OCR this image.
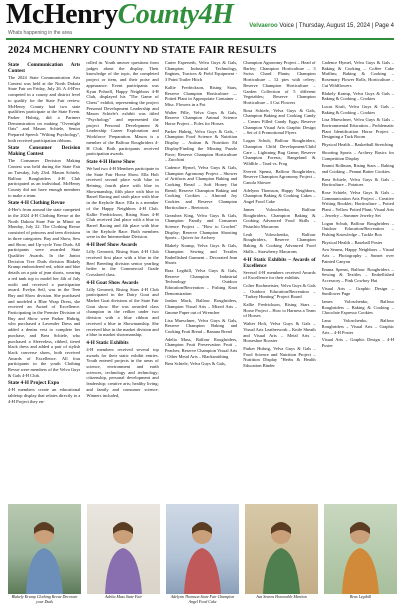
McHenryCounty4H
Whats happening in the area
Velvaeroo Voice | Thursday, August 15, 2024 | Page 4
2024 MCHENRY COUNTY ND STATE FAIR RESULTS
State Communication Arts Contest

The 2024 State Communication Arts Contest was held at the North Dakota State Fair on Friday, July 26. A 4-H'ers competed in a county and district level to qualify for the State Fair review. McHenry County had two state qualifiers participate at the State Event. Parker Hubrig, did a Partners Demonstration on making "Overnight Oats" and Mason Schiele, Senior Prepared Speech "Wilting Psychology", both received participation ribbons.

State Consumer Decision Making Contest

The Consumer Decision Making Contest was held during the State Fair on Tuesday, July 23rd. Mason Schiele, Balfour Roughriders 4-H Club participated as an individual. McHenry County did not have enough members to make a team.

State 4-H Clothing Revue

4-Her's from around the state competed in the 2024 4-H Clothing Revue at the North Dakota State Fair in Minot on Monday, July 22. The Clothing Revue consisted of princess and teen divisions in three categories: Buy and Show, Sew and Show, and Up-cycle Your Duds. All participants were awarded State Qualifier Awards. In the Junior Decision Tree Duds division Blakely Kramp embroidered red, white and blue details on a pair of jean shorts, wearing a red tank top to model her 4th of July outfit and received a participation award. Evelyn Seil, was in the Teen Buy and Show division. She purchased and modeled a Blue Wrap Dress, she received an Award of Excellence. Participating in the Premier Division of Buy and Show were Parker Hubrig, who purchased a Lavender Dress and added a denim vest to complete her purchase, and Brea Schiele, who purchased a Sleeveless, ribbed, tiered black dress and added a pair of stylish black converse shoes, both received Awards of Excellence. All four participants in the youth Clothing Revue were members of the Velva Guys & Gals 4-H Club.

State 4-H Project Expo

4-H members create an educational tabletop display that relates directly to a 4-H Project they en-

rolled in. Youth answer questions from judges about the display. Their knowledge of the topic, the completed project or item, and their poise and appearance. Event participants was Kyan Pohsell, Happy Neighbors 4-H Club, displayed his "The Game of Chess" exhibit, representing the project Personal Development Leadership and Mason Schiele's exhibit was titled "Psychology" and represented the project Personal Development & Leadership Career Exploration and Workforce Preparation. Mason is a member of the Balfour Roughriders 4-H Club. Both participants received participation awards.

State 4-H Horse Show

We had two 4-H Members participate in the State Fair Horse Show. Ella Holt received second place with blue in Reining, fourth place with blue in Showmanship, fifth place with blue in Barrel Racing and sixth place with blue in the Keyhole Race. Ella is a member of the Happy Neighbors 4-H Club. Kallie Fredrickson, Rising Stars 4-H Club received 2nd place with a blue in Barrel Racing and 4th place with blue in the Keyhole Race. Both members were in the Intermediate Division.

4-H Beef Show Awards

Lilly Geroneit, Rising Stars 4-H Club received first place with a blue in the Beef Breeding division senior yearling heifer in the Commercial Grade Crossbred class.

4-H Goat Show Awards

Lilly Geroneit, Rising Stars 4-H Club participated in the Dairy Goat and Market Goat divisions of the State Fair Goat show. She was awarded class champion in the reilker under two division with a blue ribbon and received a blue in Showmanship. She received blue in the market division and a blue in market showmanship.

4-H Static Exhibits

4-H members received several top awards for their static exhibit entries. Youth entered projects in the areas of science, environment and earth sciences, technology and technology; citizenship, personal development and leadership; creative arts; healthy living; and family and consumer science. Winners included,

Carter Esperseth, Velva Guys & Gals, Champion Industrial Technology, Engines, Tractors & Field Equipment - 3 Point Trailer Hitch

Kallie Fredrickson, Rising Stars, Reserve Champion Horticulture — Potted Plant in Appropriate Container – Misc. Flowers in a Pot

Walter Pille, Velva Guys & Gals, Reserve Champion Animal Science Horse Project – Poles for Horses

Parker Hubrig, Velva Guys & Gals, - Champion Food Science & Nutrition Display – Autism & Nutrition Ed Display/Finding the Missing Puzzle Piece; Reserve Champion Horticulture – Zucchini

Cadence Hymel, Velva Guys & Gals, Champion Agronomy Project – Shower of Artifacts and Champion Baking and Cooking Bread – Soft Honey Oat Bread; Reserve Champion Baking and Cooking Cookies – Almond Joy Cookies and Reserve Champion Horticulture – Beetroots

Greashea King, Velva Guys & Gals, Champion Family and Consumer Science Project – "How to Crochet" Display; Reserve Champion Shooting Sports – Quiver for Archery

Blakely Kramp, Velva Guys & Gals, Champion Sewing and Textiles Embellished Garment – Decorated Jean Shorts

Brax Legibill, Velva Guys & Gals, Reserve Champion Industrial Technology Outdoor Education/Recreation – Fishing Knot Demonstration

Jordan Mack, Balfour Roughriders, Champion Visual Arts – Mixed Arts – Gnome Paper out of Wrencher

Lisa Mueschner, Velva Guys & Gals, Reserve Champion Baking and Cooking Fruit Bread – Banana Bread

Adelia Mass, Balfour Roughriders, Champion Fruit Preservation Fruit – Peaches; Reserve Champion Visual Arts / Other Metal Arts – Blacksmithing

Brea Schiele, Velva Guys & Gals,

Champion Agronomy Project – Head of Barley; Champion Horticulture – 3 Swiss Chard Plants; Champion Horticulture – 12 pies with celery; Reserve Champion Horticulture – Garden Collection of 5 different Vegetables; Reserve Champion Horticulture – 3 Cut Flowers

Rosa Schiele, Velva Guys & Gals, Champion Baking and Cooking Candy – Cream Filled Candy Eggs; Reserve Champion Visual Arts Graphic Design – Set of 4 Promotional Flyers

Logan Schuh, Balfour Roughriders, Champion Child Development/Child Care – Lightning Bug Game; Reserve Champion Forests, Rangeland & Wildlife – Toad vs. Frog

Everett Spenst, Balfour Roughriders, Reserve Champion Agronomy Project – Canola Shower

Adelynn Thomson, Happy Neighbors, Champion Baking & Cooking Cakes – Angel Food Cake

James Voloschenko, Balfour Roughriders, Champion Baking & Cooking Advanced Food Skills – Pistachio Macarons

Leah Voloschenko, Balfour Roughriders, Reserve Champion Baking & Cooking Advanced Food Skills – Strawberry Macarons

4-H Static Exhibits – Awards of Excellence

Several 4-H members received Awards of Excellence for their exhibits.

Colter Bochmeister, Velva Guys & Gals – Outdoor Education/Recreation – "Turkey Hunting" Project Board

Kallie Fredrickson, Rising Stars – Horse Project – How to Harness a Team of Horses

Walter Holt, Velva Guys & Gals – Visual Arts Leatherwork – Knife Sheath and Visual Arts – Metal Arts – Horseshoe Rooster

Parker Hubrig, Velva Guys & Gals – Food Science and Nutrition Project – Nutrition Display "Herbs & Health Education Binder

Cadence Hymel, Velva Guys & Gals – Baking & Cooking – Coffee Cake Muffins; Baking & Cooking – Rosemary Flower Rolls; Horticulture – Cut Wildflowers

Blakely Kramp, Velva Guys & Gals – Baking & Cooking – Cookies

Lucas Kraft, Velva Guys & Gals – Baking & Cooking – Cookies

Lisa Mueschner, Velva Guys & Gals – Environmental Education – Problematic Plant Identification Horse Project – Designing a Tack Room

Physical Health – Basketball Stretching

Shooting Sports – Archery Basics for Competition Display

Emmit Rollman, Rising Stars – Baking and Cooking – Peanut Butter Cookies

Brea Schiele, Velva Guys & Gals – Horticulture – Potatoes

Rose Schiele, Velva Guys & Gals – Communication Arts Project – Creative Writing Booklet; Horticulture – Potted Plant – Yellow Potted Plant; Visual Arts – Jewelry – Summer Jewelry Set

Logan Schuh, Balfour Roughriders – Outdoor Education/Recreation – Fishing Knowledge – Tackle Box

Physical Health – Baseball Poster

Ava Searns, Happy Neighbors – Visual Arts – Photography – Sunset over Painted Canyon

Emma Spenst, Balfour Roughriders – Sewing & Textiles – Embellished Accessory – Pink Cowboy Hat

Visual Arts – Graphic Design – Sunflower Page

James Voloschenko, Balfour Roughriders – Baking & Cooking – Chocolate Espresso Cookies

Lana Voloschenko, Balfour Roughriders – Visual Arts – Graphic Arts – 4-H Poster

Visual Arts – Graphic Design – 4-H Poster

Blakely Kramp Clothing Revue Decorate your Duds
Adelia Mass State Fair	Adelynn Thomson State Fair Champion Angel Food Cake
Ava Searns Honorable Mention	Brax Legibill
